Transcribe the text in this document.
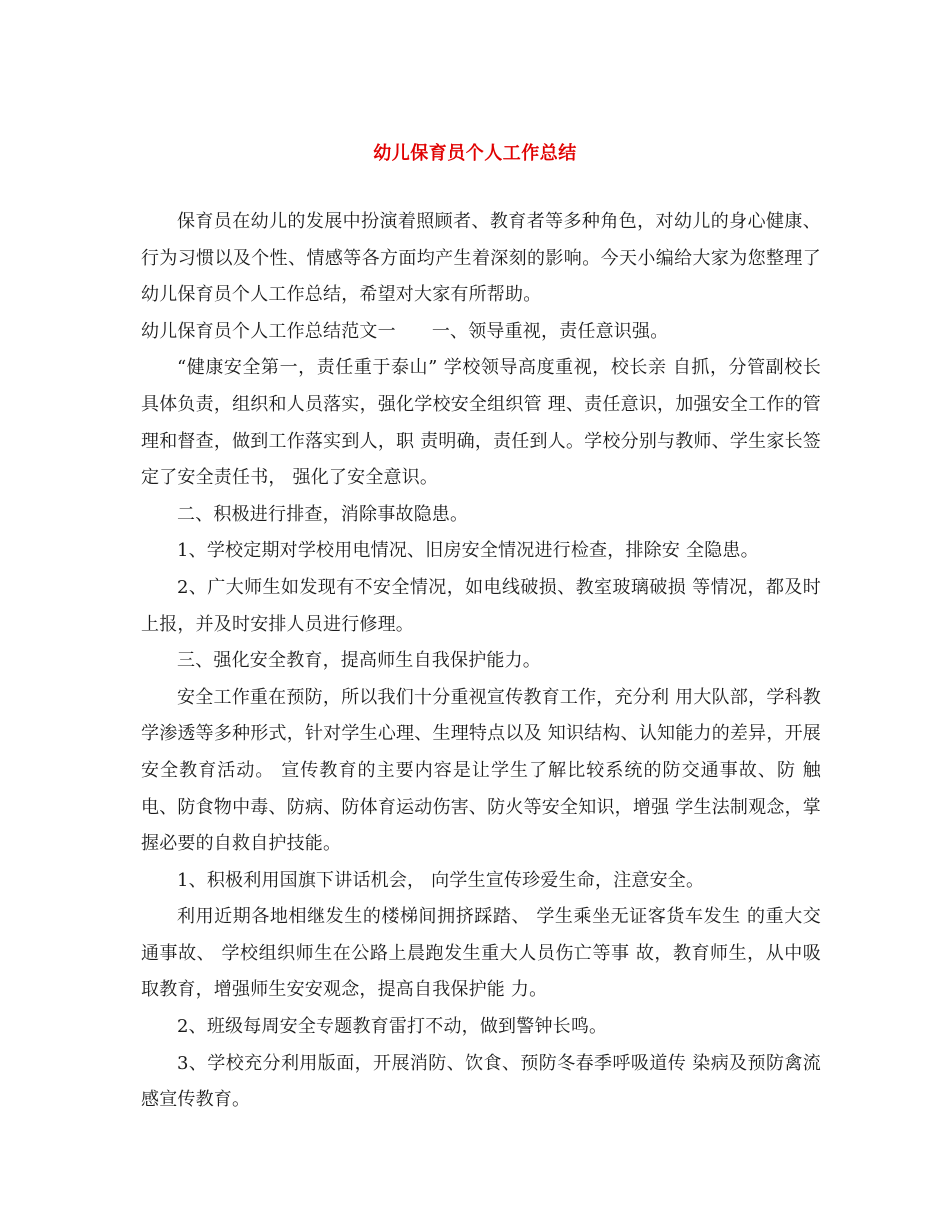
幼儿保育员个人工作总结

保育员在幼儿的发展中扮演着照顾者、教育者等多种角色，对幼儿的身心健康、行为习惯以及个性、情感等各方面均产生着深刻的影响。今天小编给大家为您整理了幼儿保育员个人工作总结，希望对大家有所帮助。

幼儿保育员个人工作总结范文一 一、领导重视，责任意识强。

“健康安全第一，责任重于泰山” 学校领导高度重视，校长亲 自抓，分管副校长具体负责，组织和人员落实，强化学校安全组织管 理、责任意识，加强安全工作的管理和督查，做到工作落实到人，职 责明确，责任到人。学校分别与教师、学生家长签定了安全责任书， 强化了安全意识。

二、积极进行排查，消除事故隐患。

1、学校定期对学校用电情况、旧房安全情况进行检查，排除安 全隐患。

2、广大师生如发现有不安全情况，如电线破损、教室玻璃破损 等情况，都及时上报，并及时安排人员进行修理。

三、强化安全教育，提高师生自我保护能力。

安全工作重在预防，所以我们十分重视宣传教育工作，充分利 用大队部，学科教学渗透等多种形式，针对学生心理、生理特点以及 知识结构、认知能力的差异，开展安全教育活动。 宣传教育的主要内容是让学生了解比较系统的防交通事故、防 触电、防食物中毒、防病、防体育运动伤害、防火等安全知识，增强 学生法制观念，掌握必要的自救自护技能。

1、积极利用国旗下讲话机会， 向学生宣传珍爱生命，注意安全。

利用近期各地相继发生的楼梯间拥挤踩踏、 学生乘坐无证客货车发生 的重大交通事故、 学校组织师生在公路上晨跑发生重大人员伤亡等事 故，教育师生，从中吸取教育，增强师生安安观念，提高自我保护能 力。

2、班级每周安全专题教育雷打不动，做到警钟长鸣。

3、学校充分利用版面，开展消防、饮食、预防冬春季呼吸道传 染病及预防禽流感宣传教育。
